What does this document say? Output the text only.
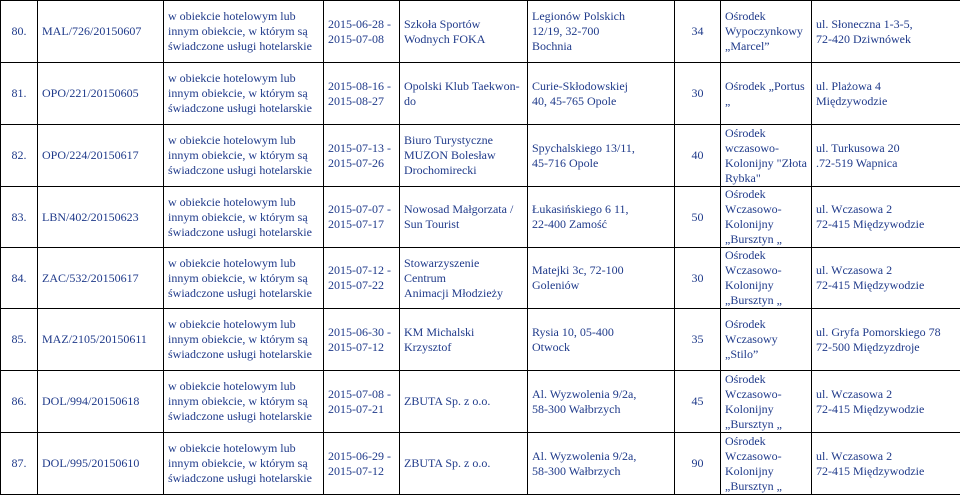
80.	MAL/726/20150607	w obiekcie hotelowym lub
innym obiekcie, w którym są
świadczone usługi hotelarskie	2015-06-28 -
2015-07-08	Szkoła Sportów
Wodnych FOKA	Legionów Polskich
12/19, 32-700
Bochnia	34	Ośrodek
Wypoczynkowy
„Marcel”	ul. Słoneczna 1-3-5,
72-420 Dziwnówek

81.	OPO/221/20150605	w obiekcie hotelowym lub
innym obiekcie, w którym są
świadczone usługi hotelarskie	2015-08-16 -
2015-08-27	Opolski Klub Taekwon-
do	Curie-Skłodowskiej
40, 45-765 Opole	30	Ośrodek „Portus „	ul. Plażowa 4
Międzywodzie

82.	OPO/224/20150617	w obiekcie hotelowym lub
innym obiekcie, w którym są
świadczone usługi hotelarskie	2015-07-13 -
2015-07-26	Biuro Turystyczne
MUZON Bolesław
Drochomirecki	Spychalskiego 13/11,
45-716 Opole	40	Ośrodek
wczasowo-
Kolonijny "Złota
Rybka"	ul. Turkusowa 20
.72-519 Wapnica

83.	LBN/402/20150623	w obiekcie hotelowym lub
innym obiekcie, w którym są
świadczone usługi hotelarskie	2015-07-07 -
2015-07-17	Nowosad Małgorzata /
Sun Tourist	Łukasińskiego 6 11,
22-400 Zamość	50	Ośrodek
Wczasowo-
Kolonijny
„Bursztyn „	ul. Wczasowa 2
72-415 Międzywodzie

84.	ZAC/532/20150617	w obiekcie hotelowym lub
innym obiekcie, w którym są
świadczone usługi hotelarskie	2015-07-12 -
2015-07-22	Stowarzyszenie Centrum
Animacji Młodzieży	Matejki 3c, 72-100
Goleniów	30	Ośrodek
Wczasowo-
Kolonijny
„Bursztyn „	ul. Wczasowa 2
72-415 Międzywodzie

85.	MAZ/2105/20150611	w obiekcie hotelowym lub
innym obiekcie, w którym są
świadczone usługi hotelarskie	2015-06-30 -
2015-07-12	KM Michalski
Krzysztof	Rysia 10, 05-400
Otwock	35	Ośrodek
Wczasowy
„Stilo”	ul. Gryfa Pomorskiego 78
72-500 Międzyzdroje

86.	DOL/994/20150618	w obiekcie hotelowym lub
innym obiekcie, w którym są
świadczone usługi hotelarskie	2015-07-08 -
2015-07-21	ZBUTA Sp. z o.o.	Al. Wyzwolenia 9/2a,
58-300 Wałbrzych	45	Ośrodek
Wczasowo-
Kolonijny
„Bursztyn „	ul. Wczasowa 2
72-415 Międzywodzie

87.	DOL/995/20150610	w obiekcie hotelowym lub
innym obiekcie, w którym są
świadczone usługi hotelarskie	2015-06-29 -
2015-07-12	ZBUTA Sp. z o.o.	Al. Wyzwolenia 9/2a,
58-300 Wałbrzych	90	Ośrodek
Wczasowo-
Kolonijny
„Bursztyn „	ul. Wczasowa 2
72-415 Międzywodzie
